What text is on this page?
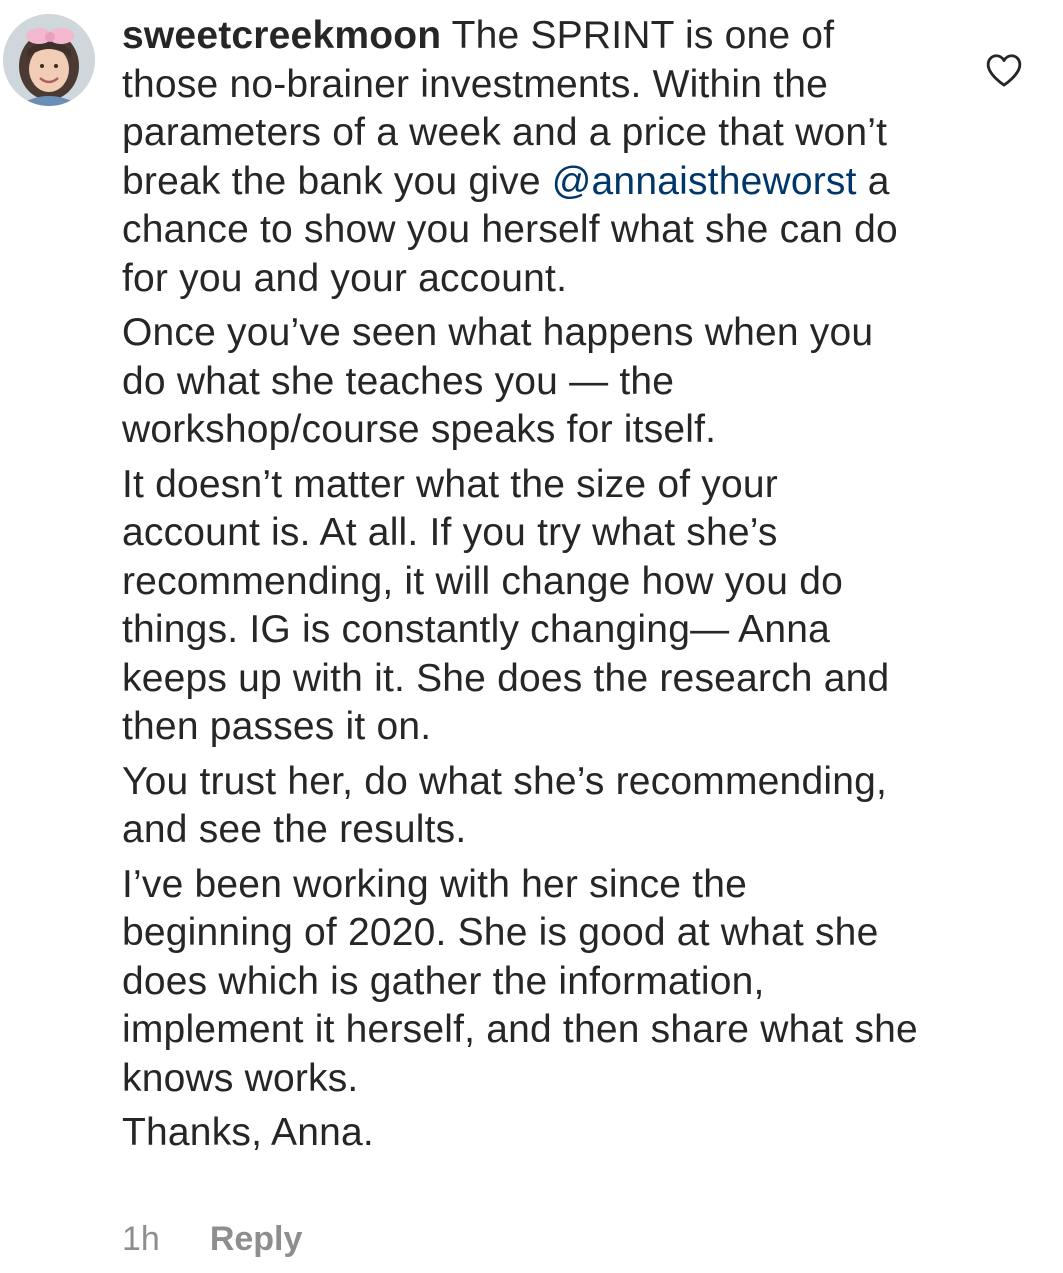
sweetcreekmoon The SPRINT is one of those no-brainer investments. Within the parameters of a week and a price that won’t break the bank you give @annaistheworst a chance to show you herself what she can do for you and your account.

Once you’ve seen what happens when you do what she teaches you — the workshop/course speaks for itself.

It doesn’t matter what the size of your account is. At all. If you try what she’s recommending, it will change how you do things. IG is constantly changing— Anna keeps up with it. She does the research and then passes it on.

You trust her, do what she’s recommending, and see the results.

I’ve been working with her since the beginning of 2020. She is good at what she does which is gather the information, implement it herself, and then share what she knows works.

Thanks, Anna.

1h Reply
